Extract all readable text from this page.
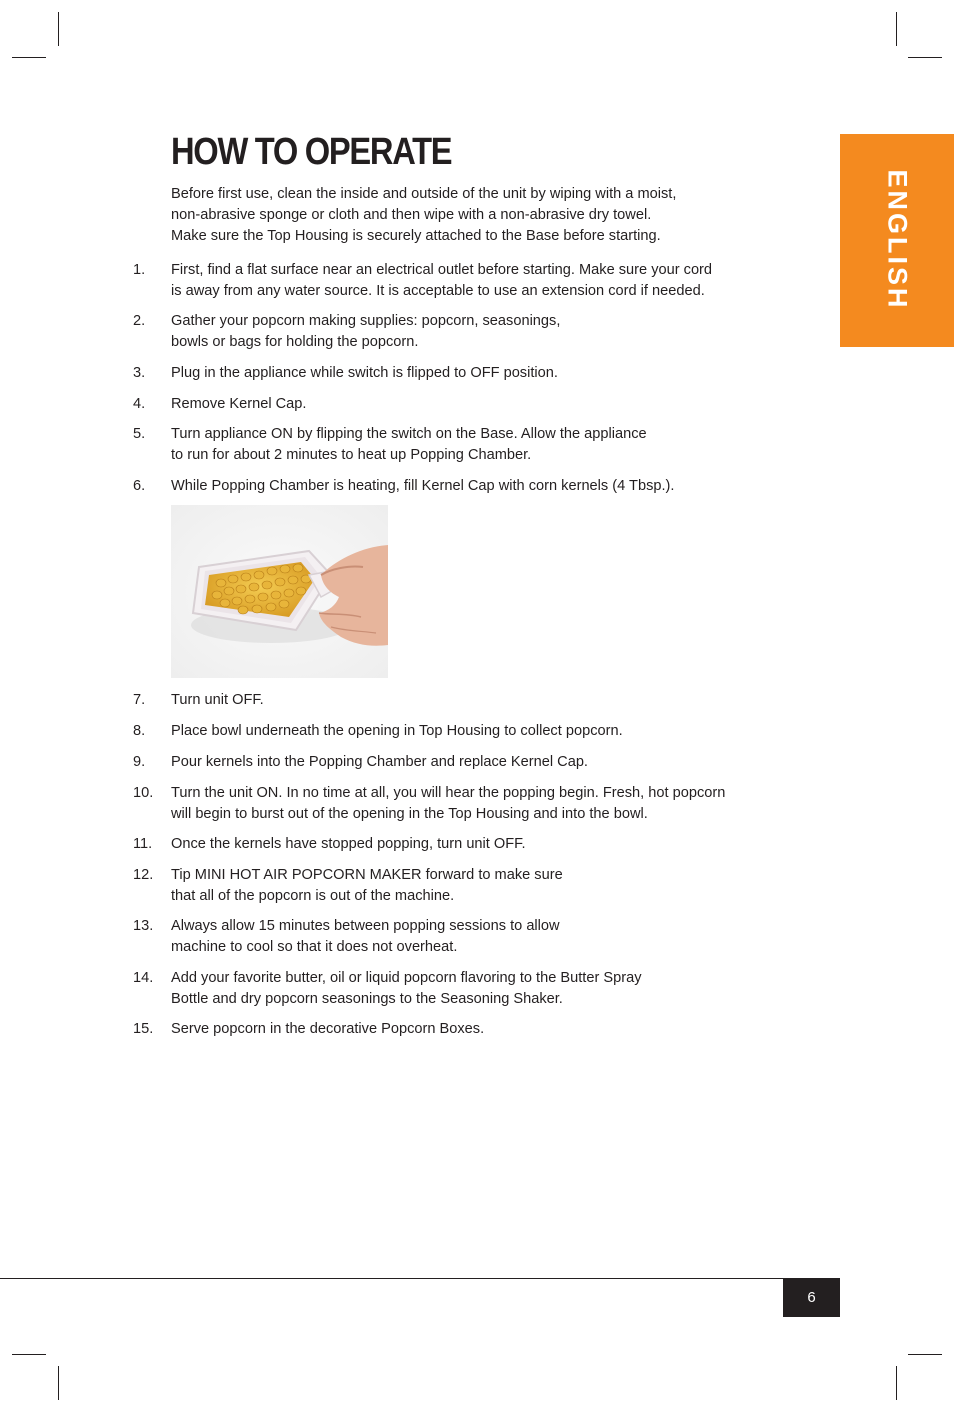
HOW TO OPERATE
Before first use, clean the inside and outside of the unit by wiping with a moist,
non-abrasive sponge or cloth and then wipe with a non-abrasive dry towel.
Make sure the Top Housing is securely attached to the Base before starting.
1. First, find a flat surface near an electrical outlet before starting. Make sure your cord
is away from any water source. It is acceptable to use an extension cord if needed.
2. Gather your popcorn making supplies: popcorn, seasonings,
bowls or bags for holding the popcorn.
3. Plug in the appliance while switch is flipped to OFF position.
4. Remove Kernel Cap.
5. Turn appliance ON by flipping the switch on the Base. Allow the appliance
to run for about 2 minutes to heat up Popping Chamber.
6. While Popping Chamber is heating, fill Kernel Cap with corn kernels (4 Tbsp.).
7. Turn unit OFF.
8. Place bowl underneath the opening in Top Housing to collect popcorn.
9. Pour kernels into the Popping Chamber and replace Kernel Cap.
10. Turn the unit ON. In no time at all, you will hear the popping begin. Fresh, hot popcorn
will begin to burst out of the opening in the Top Housing and into the bowl.
11. Once the kernels have stopped popping, turn unit OFF.
12. Tip MINI HOT AIR POPCORN MAKER forward to make sure
that all of the popcorn is out of the machine.
13. Always allow 15 minutes between popping sessions to allow
machine to cool so that it does not overheat.
14. Add your favorite butter, oil or liquid popcorn flavoring to the Butter Spray
Bottle and dry popcorn seasonings to the Seasoning Shaker.
15. Serve popcorn in the decorative Popcorn Boxes.
ENGLISH
6
